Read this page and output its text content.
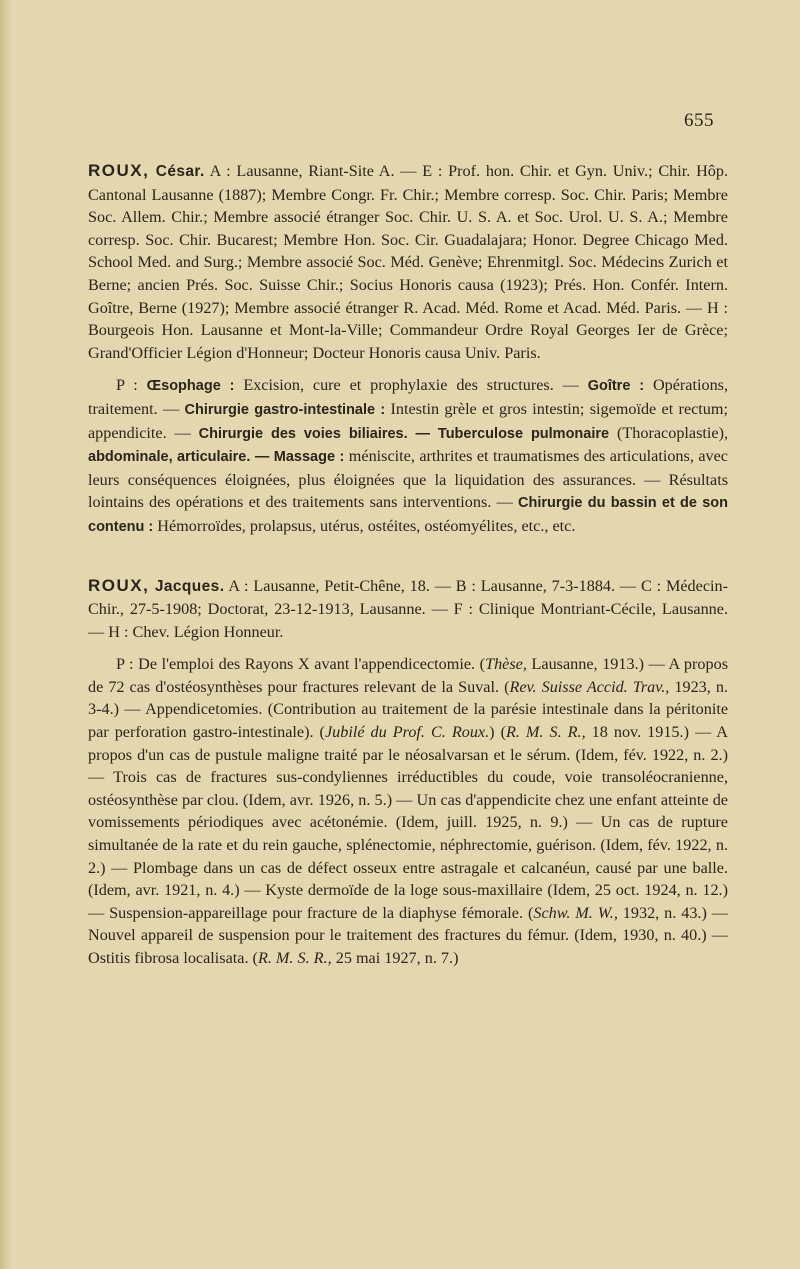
655

ROUX, César. A : Lausanne, Riant-Site A. — E : Prof. hon. Chir. et Gyn. Univ.; Chir. Hôp. Cantonal Lausanne (1887); Membre Congr. Fr. Chir.; Membre corresp. Soc. Chir. Paris; Membre Soc. Allem. Chir.; Membre associé étranger Soc. Chir. U. S. A. et Soc. Urol. U. S. A.; Membre corresp. Soc. Chir. Bucarest; Membre Hon. Soc. Cir. Guadalajara; Honor. Degree Chicago Med. School Med. and Surg.; Membre associé Soc. Méd. Genève; Ehrenmitgl. Soc. Médecins Zurich et Berne; ancien Prés. Soc. Suisse Chir.; Socius Honoris causa (1923); Prés. Hon. Confér. Intern. Goître, Berne (1927); Membre associé étranger R. Acad. Méd. Rome et Acad. Méd. Paris. — H : Bourgeois Hon. Lausanne et Mont-la-Ville; Commandeur Ordre Royal Georges Ier de Grèce; Grand'Officier Légion d'Honneur; Docteur Honoris causa Univ. Paris.

P : Œsophage : Excision, cure et prophylaxie des structures. — Goître : Opérations, traitement. — Chirurgie gastro-intestinale : Intestin grèle et gros intestin; sigemoïde et rectum; appendicite. — Chirurgie des voies biliaires. — Tuberculose pulmonaire (Thoracoplastie), abdominale, articulaire. — Massage : méniscite, arthrites et traumatismes des articulations, avec leurs conséquences éloignées, plus éloignées que la liquidation des assurances. — Résultats lointains des opérations et des traitements sans interventions. — Chirurgie du bassin et de son contenu : Hémorroïdes, prolapsus, utérus, ostéites, ostéomyélites, etc., etc.

ROUX, Jacques. A : Lausanne, Petit-Chêne, 18. — B : Lausanne, 7-3-1884. — C : Médecin-Chir., 27-5-1908; Doctorat, 23-12-1913, Lausanne. — F : Clinique Montriant-Cécile, Lausanne. — H : Chev. Légion Honneur.

P : De l'emploi des Rayons X avant l'appendicectomie. (Thèse, Lausanne, 1913.) — A propos de 72 cas d'ostéosynthèses pour fractures relevant de la Suval. (Rev. Suisse Accid. Trav., 1923, n. 3-4.) — Appendicetomies. (Contribution au traitement de la parésie intestinale dans la péritonite par perforation gastro-intestinale). (Jubilé du Prof. C. Roux.) (R. M. S. R., 18 nov. 1915.) — A propos d'un cas de pustule maligne traité par le néosalvarsan et le sérum. (Idem, fév. 1922, n. 2.) — Trois cas de fractures sus-condyliennes irréductibles du coude, voie transoléocranienne, ostéosynthèse par clou. (Idem, avr. 1926, n. 5.) — Un cas d'appendicite chez une enfant atteinte de vomissements périodiques avec acétonémie. (Idem, juill. 1925, n. 9.) — Un cas de rupture simultanée de la rate et du rein gauche, splénectomie, néphrectomie, guérison. (Idem, fév. 1922, n. 2.) — Plombage dans un cas de défect osseux entre astragale et calcanéun, causé par une balle. (Idem, avr. 1921, n. 4.) — Kyste dermoïde de la loge sous-maxillaire (Idem, 25 oct. 1924, n. 12.) — Suspension-appareillage pour fracture de la diaphyse fémorale. (Schw. M. W., 1932, n. 43.) — Nouvel appareil de suspension pour le traitement des fractures du fémur. (Idem, 1930, n. 40.) — Ostitis fibrosa localisata. (R. M. S. R., 25 mai 1927, n. 7.)
